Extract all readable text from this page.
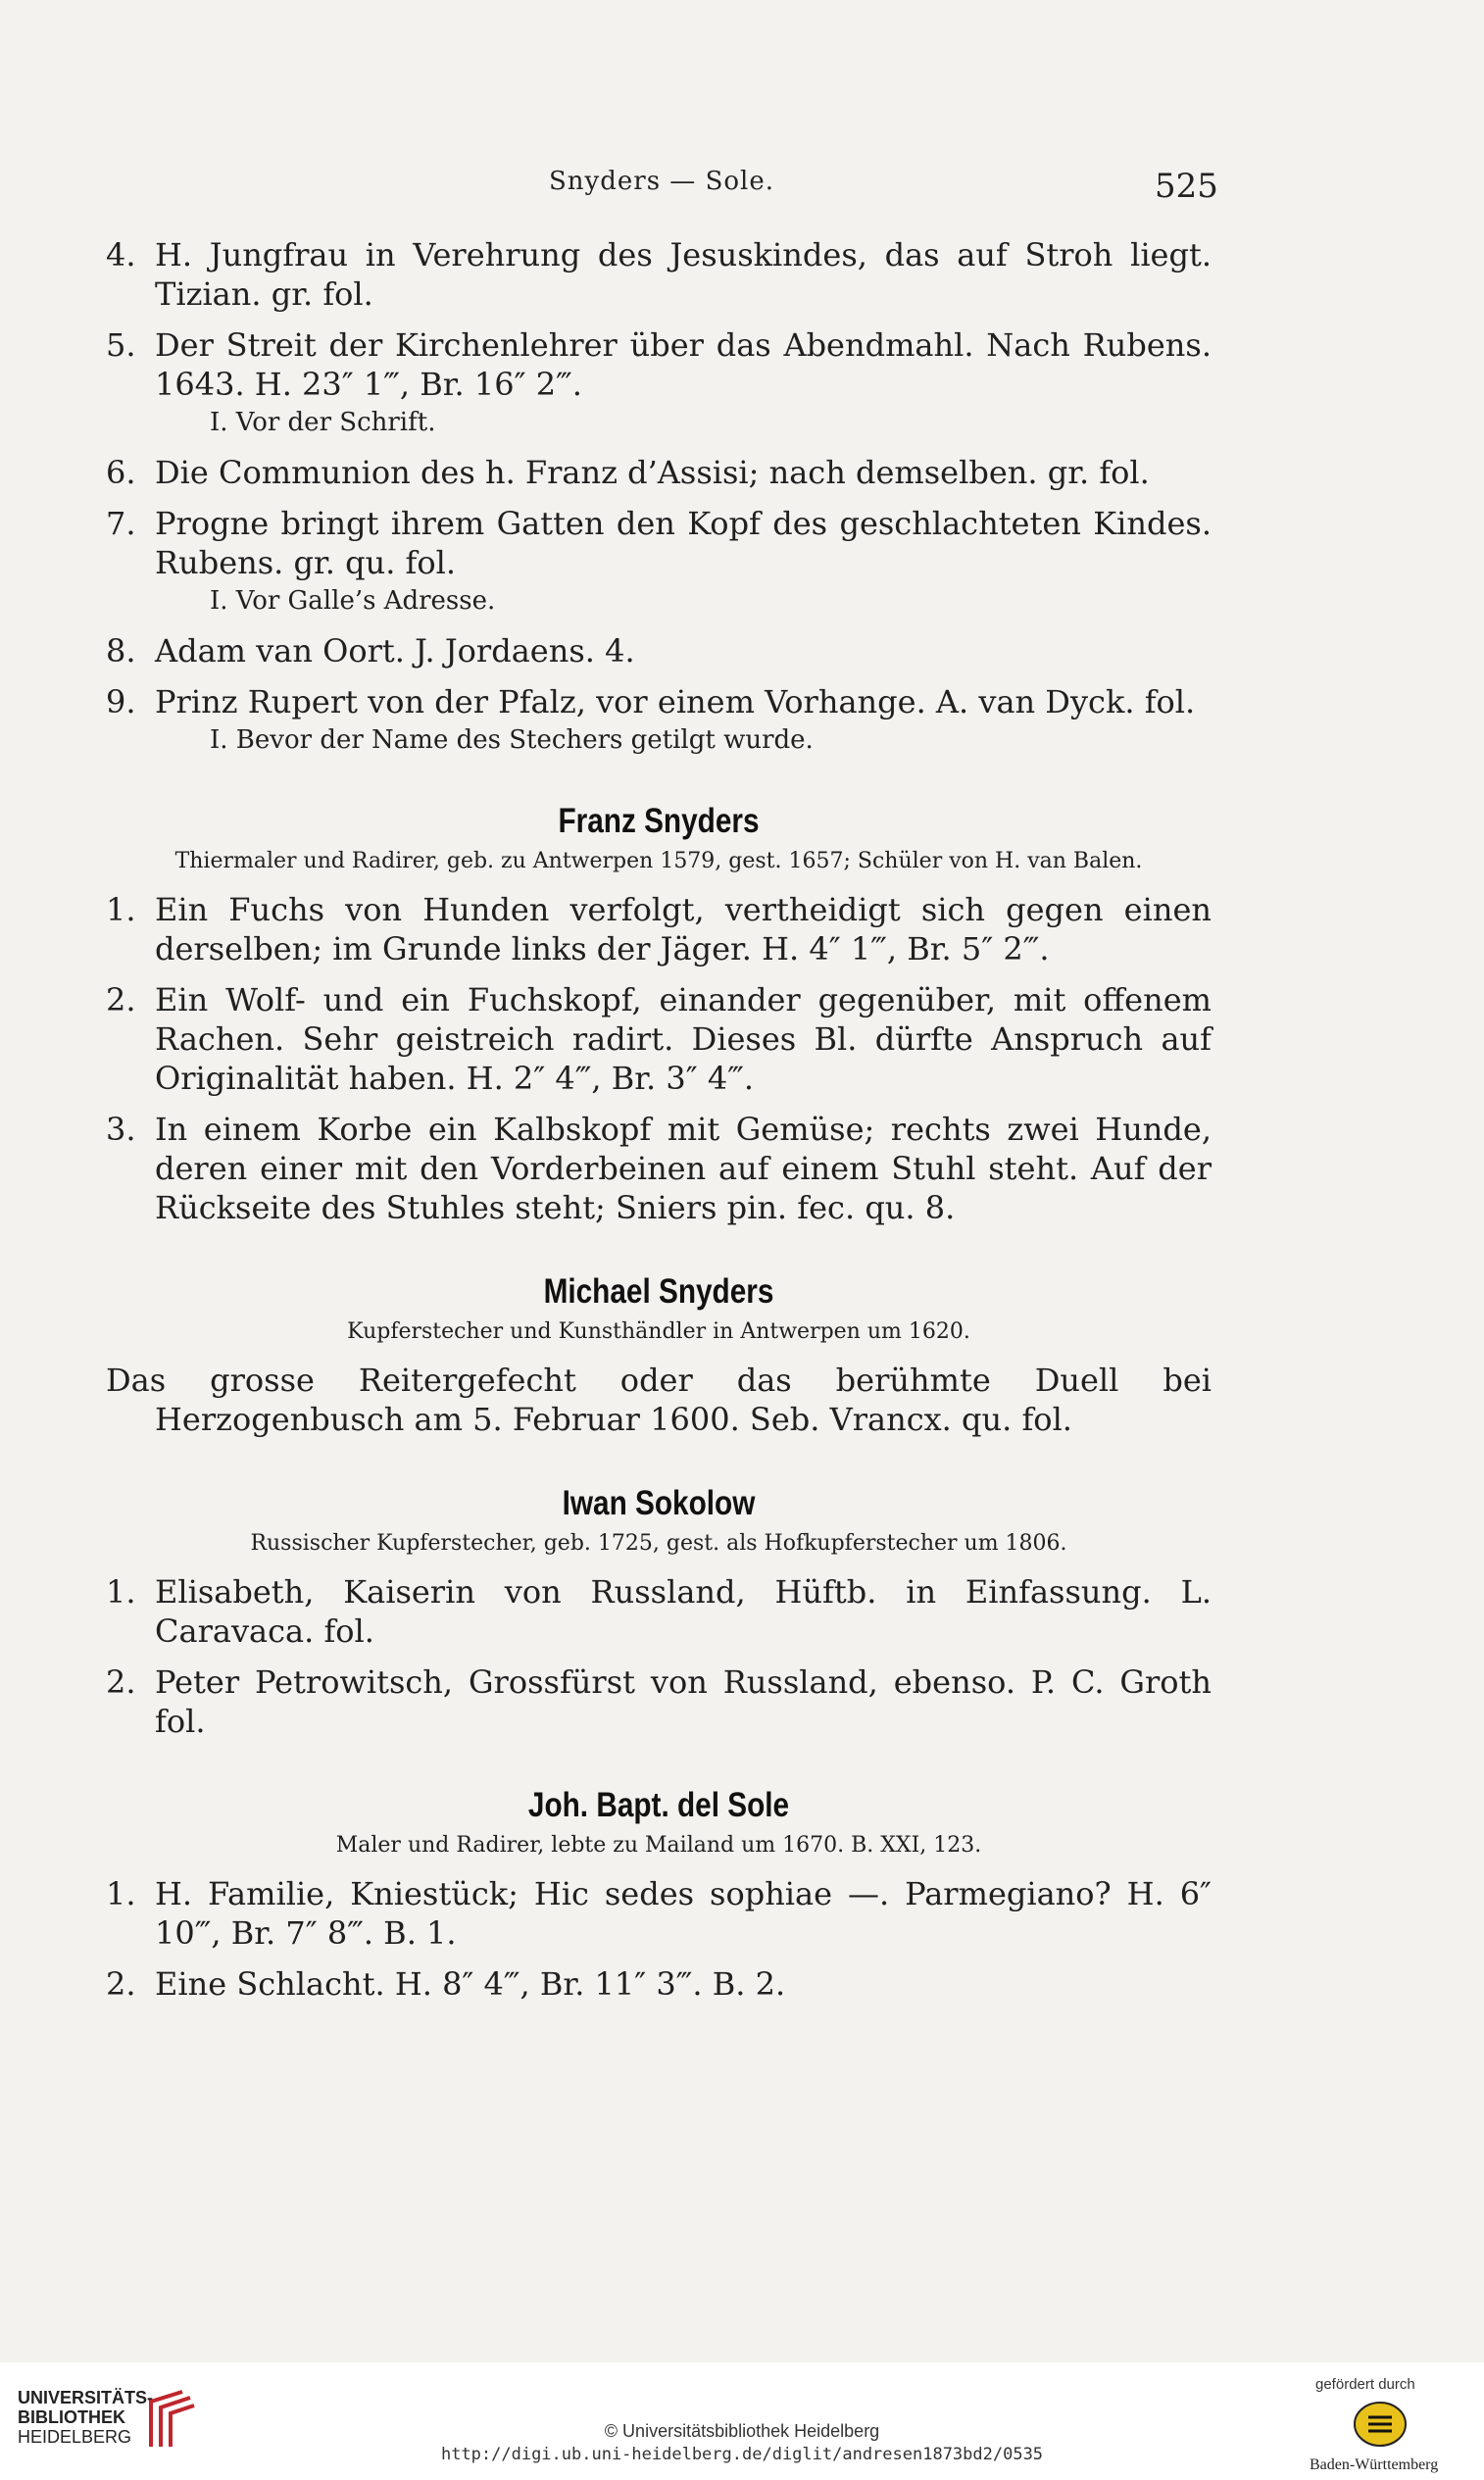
Snyders — Sole.	525
4. H. Jungfrau in Verehrung des Jesuskindes, das auf Stroh liegt. Tizian. gr. fol.
5. Der Streit der Kirchenlehrer über das Abendmahl. Nach Rubens. 1643. H. 23″ 1‴, Br. 16″ 2‴.
I. Vor der Schrift.
6. Die Communion des h. Franz d’Assisi; nach demselben. gr. fol.
7. Progne bringt ihrem Gatten den Kopf des geschlachteten Kindes. Rubens. gr. qu. fol.
I. Vor Galle’s Adresse.
8. Adam van Oort. J. Jordaens. 4.
9. Prinz Rupert von der Pfalz, vor einem Vorhange. A. van Dyck. fol.
I. Bevor der Name des Stechers getilgt wurde.
Franz Snyders
Thiermaler und Radirer, geb. zu Antwerpen 1579, gest. 1657; Schüler von H. van Balen.
1. Ein Fuchs von Hunden verfolgt, vertheidigt sich gegen einen derselben; im Grunde links der Jäger. H. 4″ 1‴, Br. 5″ 2‴.
2. Ein Wolf- und ein Fuchskopf, einander gegenüber, mit offenem Rachen. Sehr geistreich radirt. Dieses Bl. dürfte Anspruch auf Originalität haben. H. 2″ 4‴, Br. 3″ 4‴.
3. In einem Korbe ein Kalbskopf mit Gemüse; rechts zwei Hunde, deren einer mit den Vorderbeinen auf einem Stuhl steht. Auf der Rückseite des Stuhles steht; Sniers pin. fec. qu. 8.
Michael Snyders
Kupferstecher und Kunsthändler in Antwerpen um 1620.
Das grosse Reitergefecht oder das berühmte Duell bei Herzogenbusch am 5. Februar 1600. Seb. Vrancx. qu. fol.
Iwan Sokolow
Russischer Kupferstecher, geb. 1725, gest. als Hofkupferstecher um 1806.
1. Elisabeth, Kaiserin von Russland, Hüftb. in Einfassung. L. Caravaca. fol.
2. Peter Petrowitsch, Grossfürst von Russland, ebenso. P. C. Groth fol.
Joh. Bapt. del Sole
Maler und Radirer, lebte zu Mailand um 1670. B. XXI, 123.
1. H. Familie, Kniestück; Hic sedes sophiae —. Parmegiano? H. 6″ 10‴, Br. 7″ 8‴. B. 1.
2. Eine Schlacht. H. 8″ 4‴, Br. 11″ 3‴. B. 2.
UNIVERSITÄTS-
BIBLIOTHEK
HEIDELBERG	© Universitätsbibliothek Heidelberg
http://digi.ub.uni-heidelberg.de/diglit/andresen1873bd2/0535
gefördert durch
Baden-Württemberg
